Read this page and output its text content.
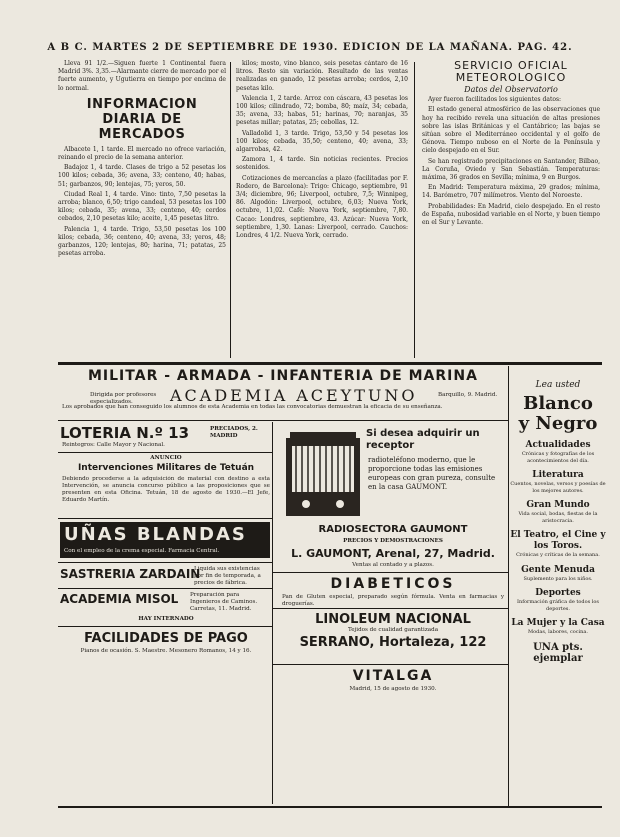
A B C. MARTES 2 DE SEPTIEMBRE DE 1930. EDICION DE LA MAÑANA. PAG. 42.

Lleva 91 1/2.—Siguen fuerte 1 Continental fuera Madrid 3%. 3,35.—Alarmante cierre de mercado por el fuerte aumento, y Ugutierra en tiempo por encima de lo normal.

INFORMACION DIARIA DE MERCADOS

Albacete 1, 1 tarde. El mercado no ofrece variación, reinando el precio de la semana anterior.

Badajoz 1, 4 tarde. Clases de trigo a 52 pesetas los 100 kilos; cebada, 36; avena, 33; centeno, 40; habas, 51; garbanzos, 90; lentejas, 75; yeros, 50.

Ciudad Real 1, 4 tarde. Vino: tinto, 7,50 pesetas la arroba; blanco, 6,50; trigo candeal, 53 pesetas los 100 kilos; cebada, 35; avena, 33; centeno, 40; cerdos cebados, 2,10 pesetas kilo; aceite, 1,45 pesetas litro.

Palencia 1, 4 tarde. Trigo, 53,50 pesetas los 100 kilos; cebada, 36; centeno, 40; avena, 33; yeros, 48; garbanzos, 120; lentejas, 80; harina, 71; patatas, 25 pesetas arroba.

kilos; mosto, vino blanco, seis pesetas cántaro de 16 litros. Resto sin variación. Resultado de las ventas realizadas en ganado, 12 pesetas arroba; cerdos, 2,10 pesetas kilo.

Valencia 1, 2 tarde. Arroz con cáscara, 43 pesetas los 100 kilos; cilindrado, 72; bomba, 80; maíz, 34; cebada, 35; avena, 33; habas, 51; harinas, 70; naranjas, 35 pesetas millar; patatas, 25; cebollas, 12.

Valladolid 1, 3 tarde. Trigo, 53,50 y 54 pesetas los 100 kilos; cebada, 35,50; centeno, 40; avena, 33; algarrobas, 42.

Zamora 1, 4 tarde. Sin noticias recientes. Precios sostenidos.

Cotizaciones de mercancías a plazo (facilitadas por F. Rodero, de Barcelona): Trigo: Chicago, septiembre, 91 3/4; diciembre, 96; Liverpool, octubre, 7,5; Winnipeg, 86. Algodón: Liverpool, octubre, 6,03; Nueva York, octubre, 11,02. Café: Nueva York, septiembre, 7,80. Cacao: Londres, septiembre, 43. Azúcar: Nueva York, septiembre, 1,30. Lanas: Liverpool, cerrado. Cauchos: Londres, 4 1/2. Nueva York, cerrado.

SERVICIO OFICIAL METEOROLOGICO
Datos del Observatorio

Ayer fueron facilitados los siguientes datos:

El estado general atmosférico de las observaciones que hoy ha recibido revela una situación de altas presiones sobre las islas Británicas y el Cantábrico; las bajas se sitúan sobre el Mediterráneo occidental y el golfo de Génova. Tiempo nuboso en el Norte de la Península y cielo despejado en el Sur.

Se han registrado precipitaciones en Santander, Bilbao, La Coruña, Oviedo y San Sebastián. Temperaturas: máxima, 36 grados en Sevilla; mínima, 9 en Burgos.

En Madrid: Temperatura máxima, 29 grados; mínima, 14. Barómetro, 707 milímetros. Viento del Noroeste.

Probabilidades: En Madrid, cielo despejado. En el resto de España, nubosidad variable en el Norte, y buen tiempo en el Sur y Levante.

MILITAR - ARMADA - INFANTERIA DE MARINA
ACADEMIA ACEYTUNO	Barquillo, 9. Madrid.
Dirigida por profesores especializados.
Los aprobados que han conseguido los alumnos de esta Academia en todas las convocatorias demuestran la eficacia de su enseñanza.
LOTERIA N.º 13	PRECIADOS, 2. MADRID
Reintegros: Calle Mayor y Nacional.
ANUNCIO
Intervenciones Militares de Tetuán
Debiendo procederse a la adquisición de material con destino a esta Intervención, se anuncia concurso público a las proposiciones que se presenten en esta Oficina. Tetuán, 18 de agosto de 1930.—El Jefe, Eduardo Martín.
UÑAS BLANDAS
Con el empleo de la crema especial. Farmacia Central.
SASTRERIA ZARDAIN
Liquida sus existencias por fin de temporada, a precios de fábrica.
ACADEMIA MISOL	Preparación para Ingenieros de Caminos. Carretas, 11. Madrid.
HAY INTERNADO
FACILIDADES DE PAGO
Pianos de ocasión. S. Maestre. Mesonero Romanos, 14 y 16.
Si desea adquirir un receptor
radioteléfono moderno, que le proporcione todas las emisiones europeas con gran pureza, consulte en la casa GAUMONT.
RADIOSECTORA GAUMONT
PRECIOS Y DEMOSTRACIONES
L. GAUMONT, Arenal, 27, Madrid.
Ventas al contado y a plazos.
DIABETICOS
Pan de Gluten especial, preparado según fórmula. Venta en farmacias y droguerías.
LINOLEUM NACIONAL
Tejidos de cualidad garantizada
SERRANO, Hortaleza, 122
VITALGA
Madrid, 15 de agosto de 1930.
Lea usted
Blanco
y Negro
Actualidades
Crónicas y fotografías de los acontecimientos del día.
Literatura
Cuentos, novelas, versos y poesías de los mejores autores.
Gran Mundo
Vida social, bodas, fiestas de la aristocracia.
El Teatro, el Cine y los Toros.
Crónicas y críticas de la semana.
Gente Menuda
Suplemento para los niños.
Deportes
Información gráfica de todos los deportes.
La Mujer y la Casa
Modas, labores, cocina.
UNA pts. ejemplar
